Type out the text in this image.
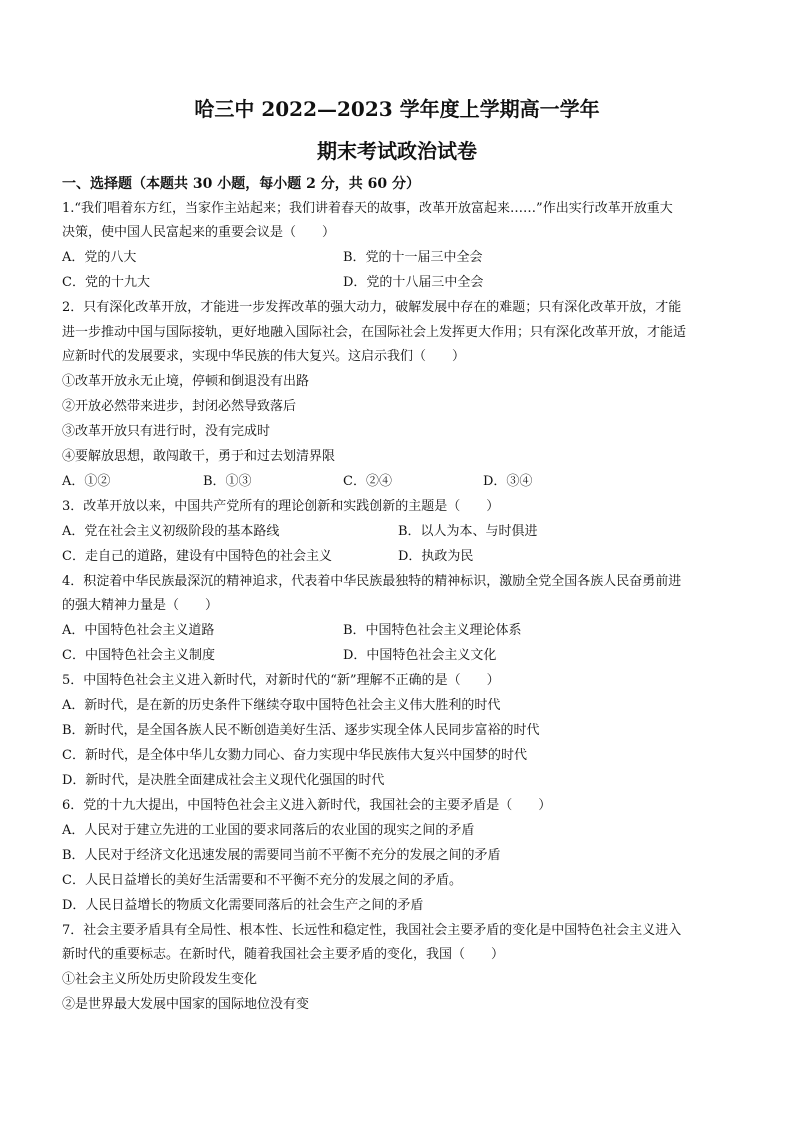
哈三中 2022—2023 学年度上学期高一学年
期末考试政治试卷
一、选择题（本题共 30 小题，每小题 2 分，共 60 分）
1.“我们唱着东方红，当家作主站起来；我们讲着春天的故事，改革开放富起来……”作出实行改革开放重大
决策，使中国人民富起来的重要会议是（　　）
A．党的八大	B．党的十一届三中全会
C．党的十九大	D．党的十八届三中全会
2．只有深化改革开放，才能进一步发挥改革的强大动力，破解发展中存在的难题；只有深化改革开放，才能
进一步推动中国与国际接轨，更好地融入国际社会，在国际社会上发挥更大作用；只有深化改革开放，才能适
应新时代的发展要求，实现中华民族的伟大复兴。这启示我们（　　）
①改革开放永无止境，停顿和倒退没有出路
②开放必然带来进步，封闭必然导致落后
③改革开放只有进行时，没有完成时
④要解放思想，敢闯敢干，勇于和过去划清界限
A．①②	B．①③	C．②④	D．③④
3．改革开放以来，中国共产党所有的理论创新和实践创新的主题是（　　）
A．党在社会主义初级阶段的基本路线	B．以人为本、与时俱进
C．走自己的道路，建设有中国特色的社会主义	D．执政为民
4．积淀着中华民族最深沉的精神追求，代表着中华民族最独特的精神标识，激励全党全国各族人民奋勇前进
的强大精神力量是（　　）
A．中国特色社会主义道路	B．中国特色社会主义理论体系
C．中国特色社会主义制度	D．中国特色社会主义文化
5．中国特色社会主义进入新时代，对新时代的“新”理解不正确的是（　　）
A．新时代，是在新的历史条件下继续夺取中国特色社会主义伟大胜利的时代
B．新时代，是全国各族人民不断创造美好生活、逐步实现全体人民同步富裕的时代
C．新时代，是全体中华儿女勠力同心、奋力实现中华民族伟大复兴中国梦的时代
D．新时代，是决胜全面建成社会主义现代化强国的时代
6．党的十九大提出，中国特色社会主义进入新时代，我国社会的主要矛盾是（　　）
A．人民对于建立先进的工业国的要求同落后的农业国的现实之间的矛盾
B．人民对于经济文化迅速发展的需要同当前不平衡不充分的发展之间的矛盾
C．人民日益增长的美好生活需要和不平衡不充分的发展之间的矛盾。
D．人民日益增长的物质文化需要同落后的社会生产之间的矛盾
7．社会主要矛盾具有全局性、根本性、长远性和稳定性，我国社会主要矛盾的变化是中国特色社会主义进入
新时代的重要标志。在新时代，随着我国社会主要矛盾的变化，我国（　　）
①社会主义所处历史阶段发生变化
②是世界最大发展中国家的国际地位没有变
